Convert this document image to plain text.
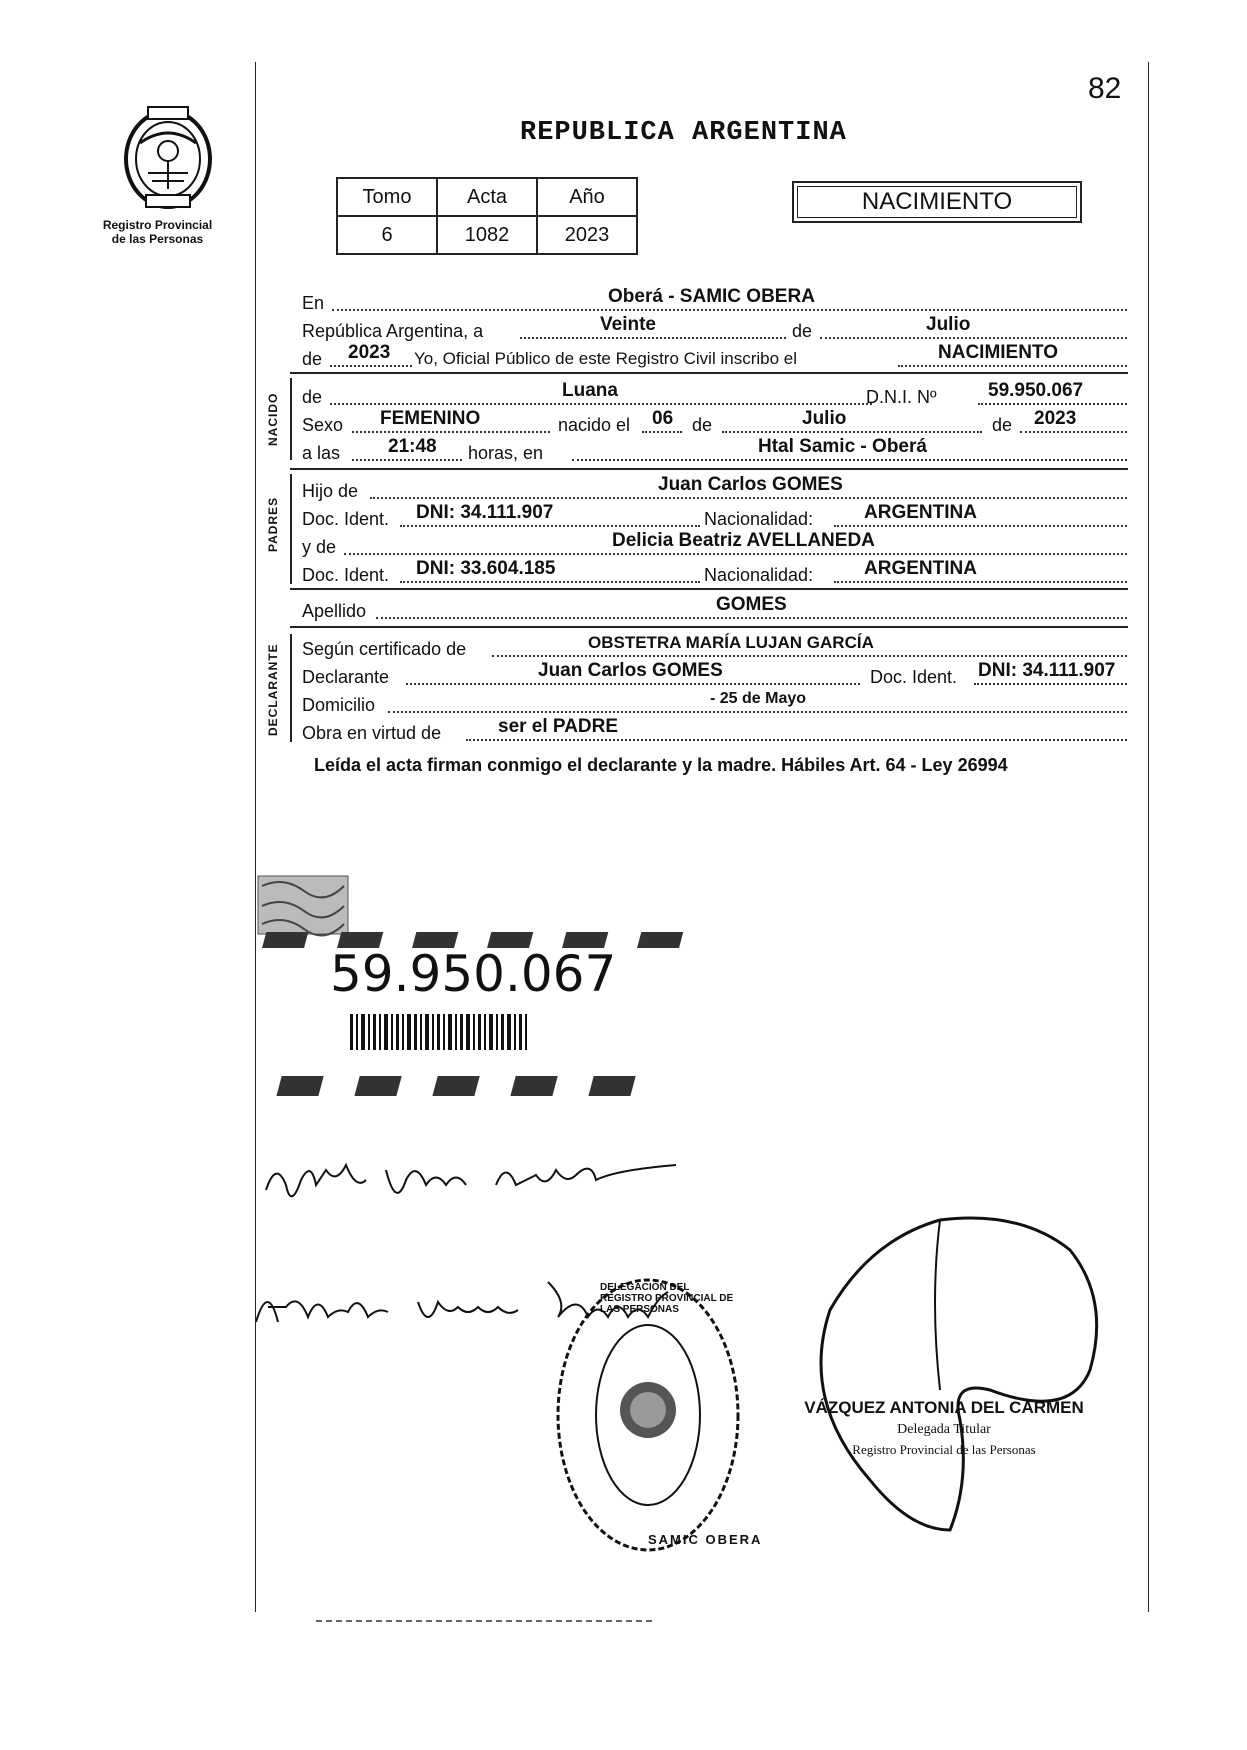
82
Registro Provincial
de las Personas
REPUBLICA ARGENTINA
Tomo	Acta	Año
6	1082	2023
NACIMIENTO
En	Oberá - SAMIC OBERA
República Argentina, a	Veinte	de	Julio
de 2023 Yo, Oficial Público de este Registro Civil inscribo el	NACIMIENTO
NACIDO de	Luana	D.N.I. Nº	59.950.067
Sexo FEMENINO	nacido el 06 de	Julio	de 2023
a las	21:48 horas, en	Htal Samic - Oberá
PADRES
Hijo de	Juan Carlos GOMES
Doc. Ident. DNI: 34.111.907	Nacionalidad:	ARGENTINA
y de	Delicia Beatriz AVELLANEDA
Doc. Ident. DNI: 33.604.185	Nacionalidad:	ARGENTINA
Apellido	GOMES
DECLARANTE Según certificado de	OBSTETRA MARÍA LUJAN GARCÍA
Declarante	Juan Carlos GOMES	Doc. Ident. DNI: 34.111.907
Domicilio	- 25 de Mayo
Obra en virtud de	ser el PADRE
Leída el acta firman conmigo el declarante y la madre. Hábiles Art. 64 - Ley 26994
59.950.067
SAMIC OBERA
DELEGACIÓN DEL REGISTRO PROVINCIAL DE LAS PERSONAS
VÁZQUEZ ANTONIA DEL CARMEN
Delegada Titular
Registro Provincial de las Personas
